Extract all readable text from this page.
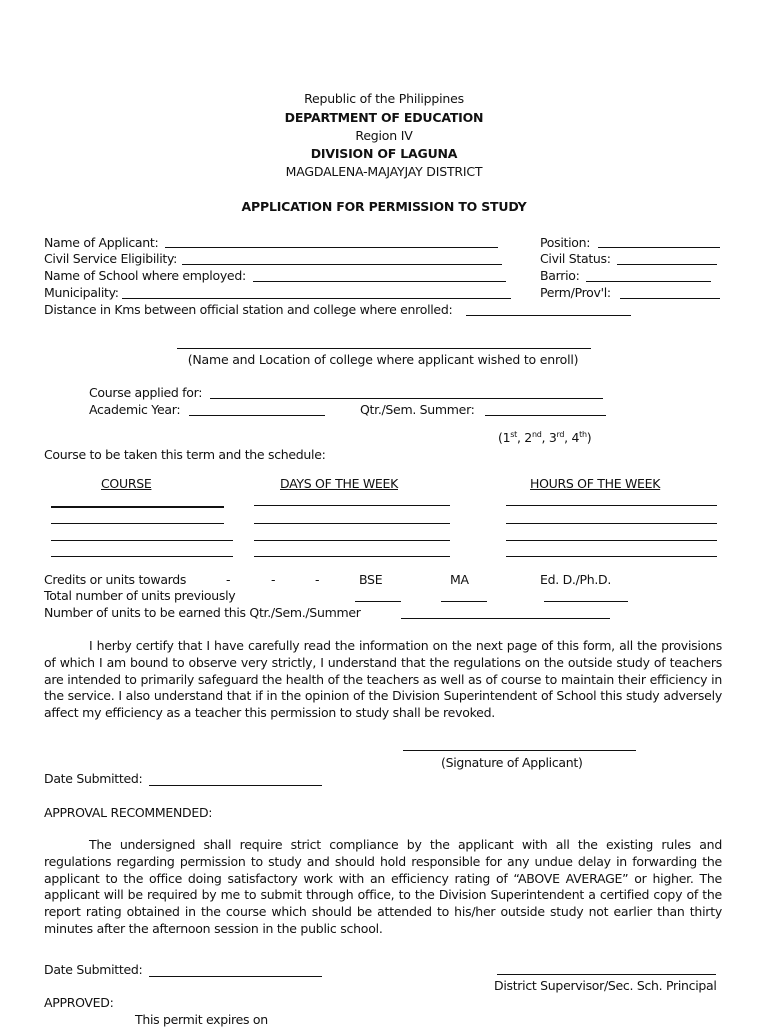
Republic of the Philippines
DEPARTMENT OF EDUCATION
Region IV
DIVISION OF LAGUNA
MAGDALENA-MAJAYJAY DISTRICT
APPLICATION FOR PERMISSION TO STUDY
Name of Applicant:	Position:
Civil Service Eligibility:	Civil Status:
Name of School where employed:	Barrio:
Municipality:	Perm/Prov'l:
Distance in Kms between official station and college where enrolled:
(Name and Location of college where applicant wished to enroll)
Course applied for:
Academic Year:	Qtr./Sem. Summer:
(1st, 2nd, 3rd, 4th)
Course to be taken this term and the schedule:
COURSE	DAYS OF THE WEEK	HOURS OF THE WEEK
Credits or units towards	-	-	-	BSE	MA	Ed. D./Ph.D.
Total number of units previously
Number of units to be earned this Qtr./Sem./Summer
I herby certify that I have carefully read the information on the next page of this form, all the provisions of which I am bound to observe very strictly, I understand that the regulations on the outside study of teachers are intended to primarily safeguard the health of the teachers as well as of course to maintain their efficiency in the service. I also understand that if in the opinion of the Division Superintendent of School this study adversely affect my efficiency as a teacher this permission to study shall be revoked.
(Signature of Applicant)
Date Submitted:
APPROVAL RECOMMENDED:
The undersigned shall require strict compliance by the applicant with all the existing rules and regulations regarding permission to study and should hold responsible for any undue delay in forwarding the applicant to the office doing satisfactory work with an efficiency rating of “ABOVE AVERAGE” or higher. The applicant will be required by me to submit through office, to the Division Superintendent a certified copy of the report rating obtained in the course which should be attended to his/her outside study not earlier than thirty minutes after the afternoon session in the public school.
Date Submitted:
District Supervisor/Sec. Sch. Principal
APPROVED:
This permit expires on
